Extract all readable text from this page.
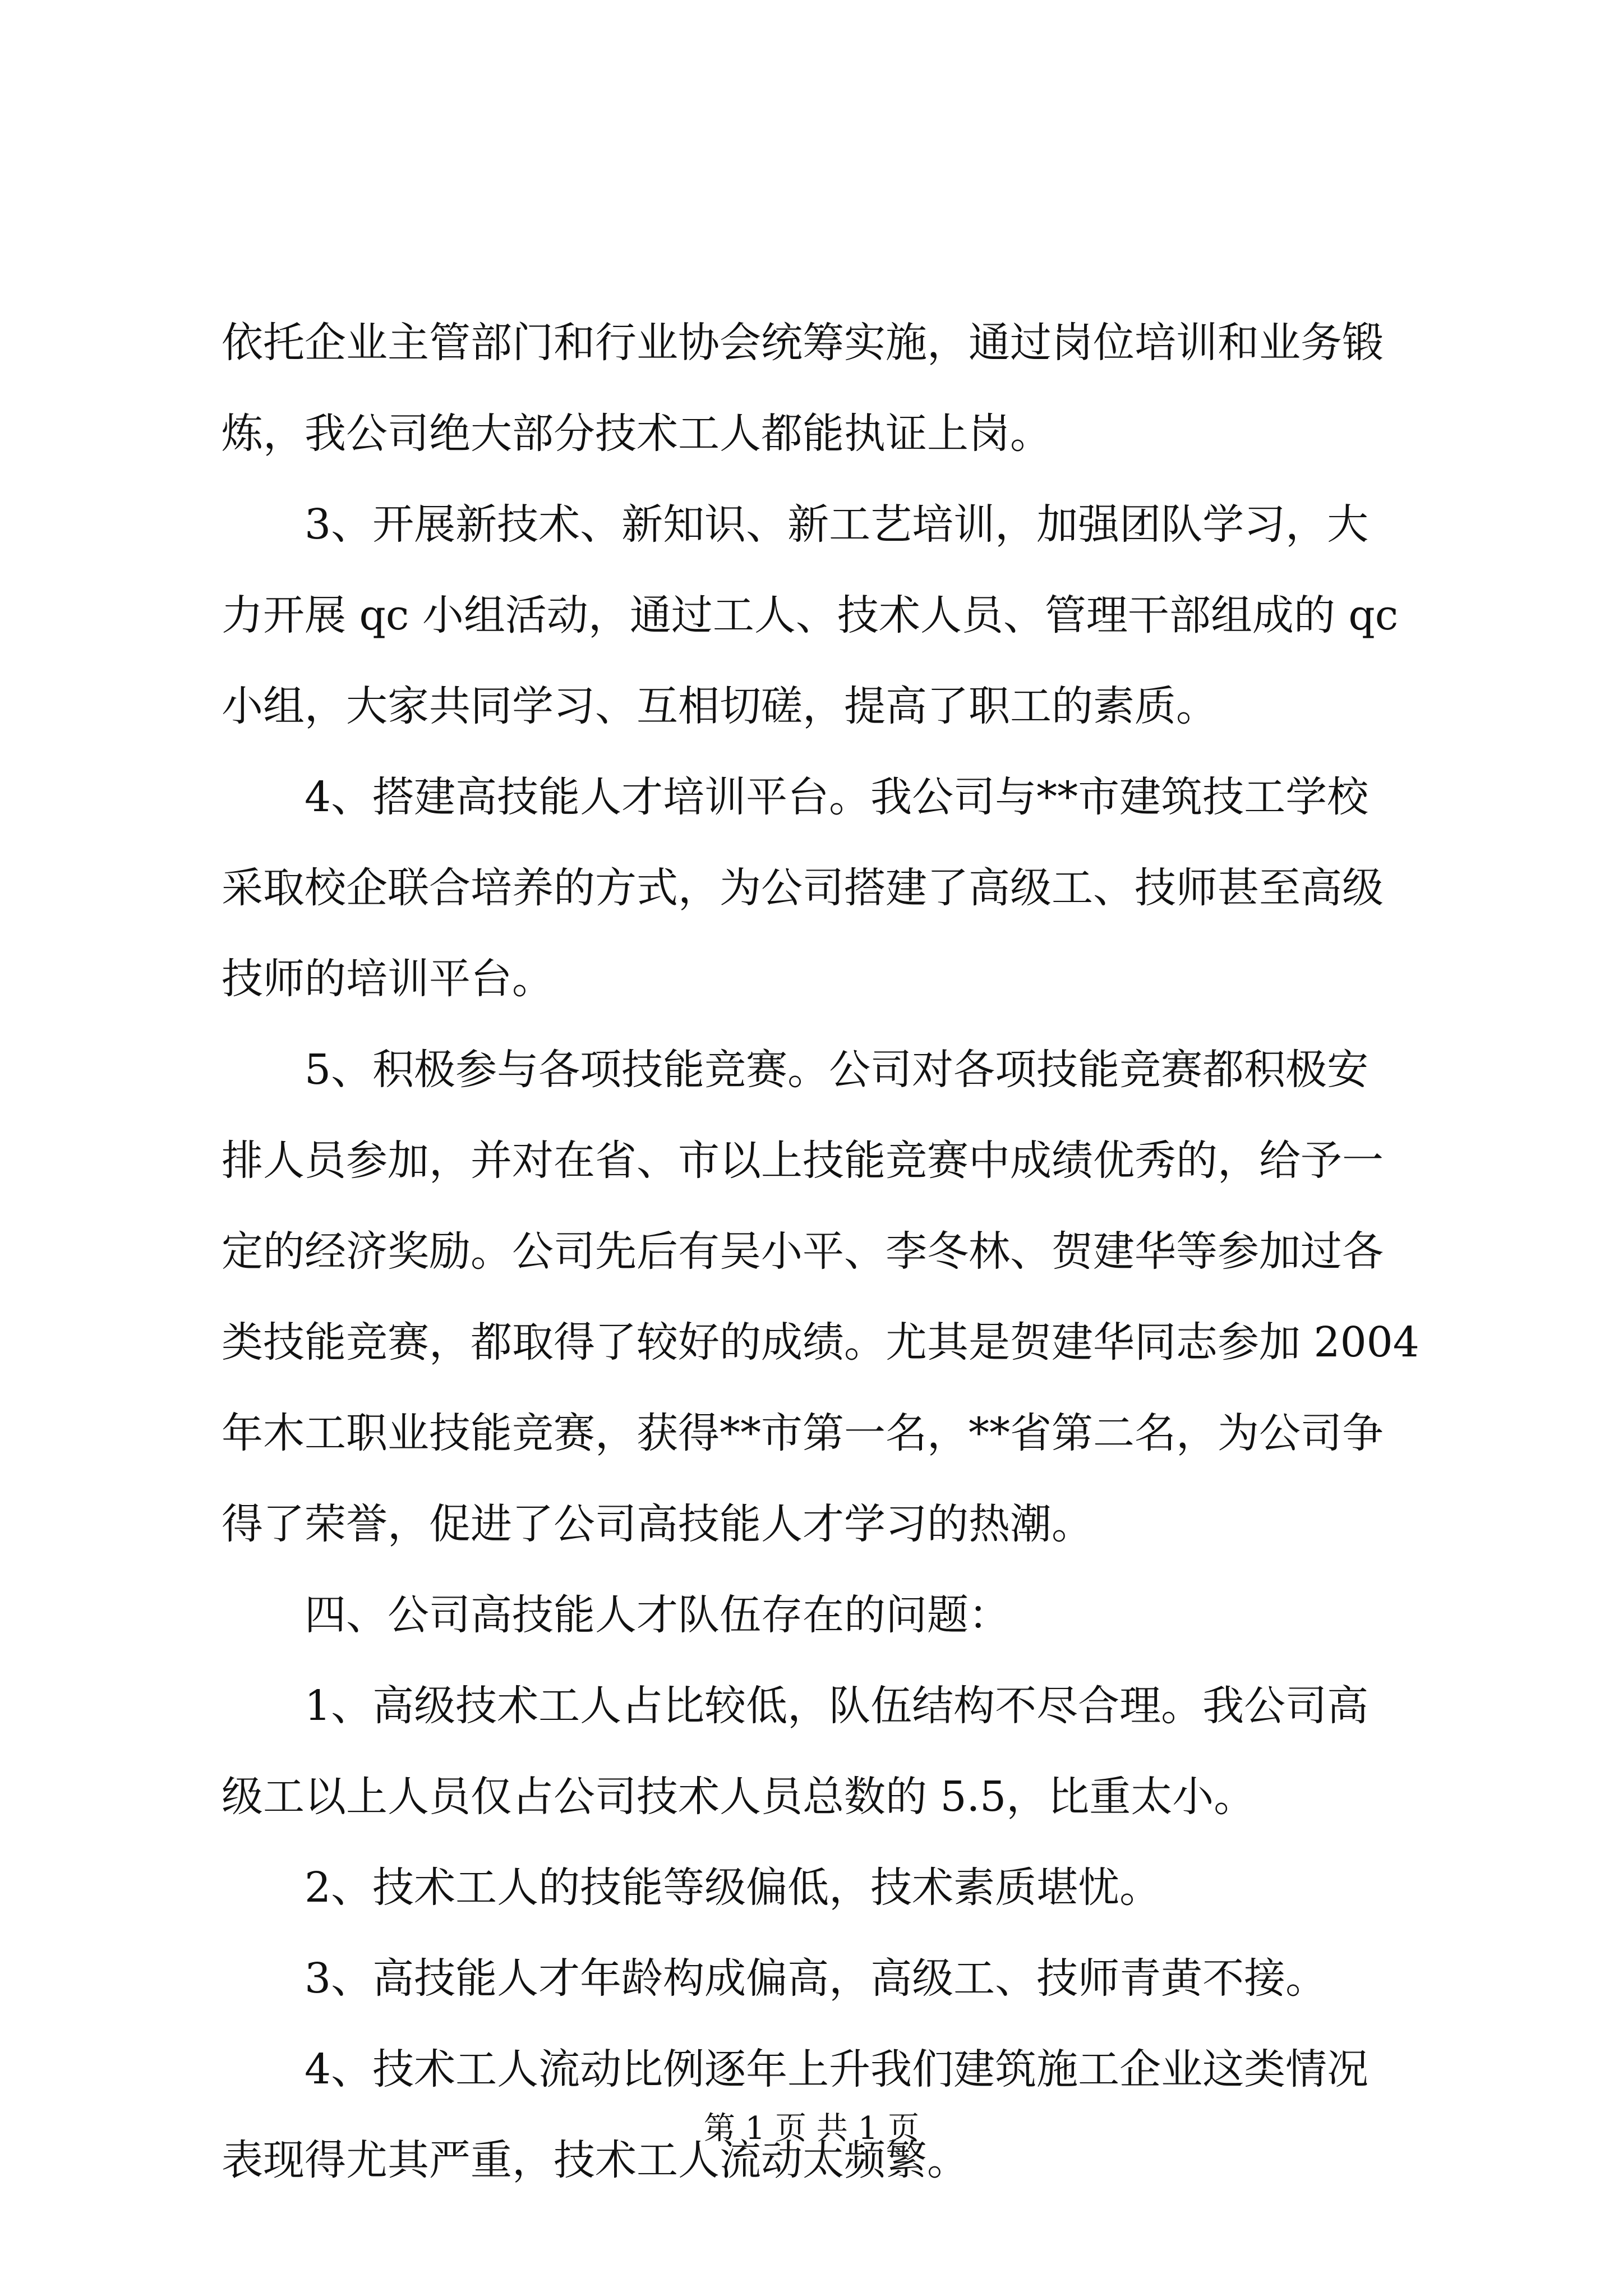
依托企业主管部门和行业协会统筹实施，通过岗位培训和业务锻

炼，我公司绝大部分技术工人都能执证上岗。

3、开展新技术、新知识、新工艺培训，加强团队学习，大

力开展 qc 小组活动，通过工人、技术人员、管理干部组成的 qc

小组，大家共同学习、互相切磋，提高了职工的素质。

4、搭建高技能人才培训平台。我公司与**市建筑技工学校

采取校企联合培养的方式，为公司搭建了高级工、技师甚至高级

技师的培训平台。

5、积极参与各项技能竞赛。公司对各项技能竞赛都积极安

排人员参加，并对在省、市以上技能竞赛中成绩优秀的，给予一

定的经济奖励。公司先后有吴小平、李冬林、贺建华等参加过各

类技能竞赛，都取得了较好的成绩。尤其是贺建华同志参加 2004

年木工职业技能竞赛，获得**市第一名，**省第二名，为公司争

得了荣誉，促进了公司高技能人才学习的热潮。

四、公司高技能人才队伍存在的问题：

1、高级技术工人占比较低，队伍结构不尽合理。我公司高

级工以上人员仅占公司技术人员总数的 5.5，比重太小。

2、技术工人的技能等级偏低，技术素质堪忧。

3、高技能人才年龄构成偏高，高级工、技师青黄不接。

4、技术工人流动比例逐年上升我们建筑施工企业这类情况

表现得尤其严重，技术工人流动太频繁。

第 1 页 共 1 页
